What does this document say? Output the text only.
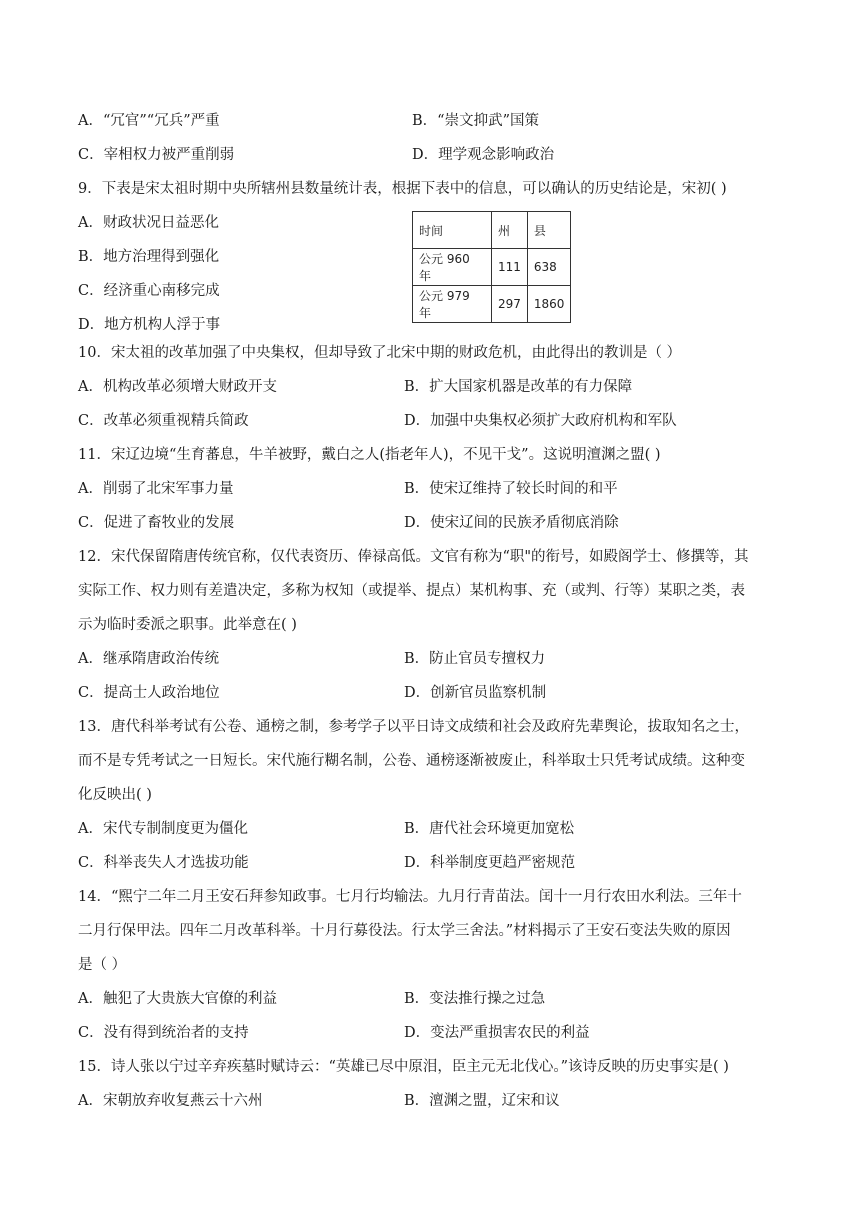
A．“冗官”“冗兵”严重	B．“崇文抑武”国策
C．宰相权力被严重削弱	D．理学观念影响政治
9．下表是宋太祖时期中央所辖州县数量统计表，根据下表中的信息，可以确认的历史结论是，宋初( )
A．财政状况日益恶化
B．地方治理得到强化
C．经济重心南移完成
D．地方机构人浮于事
时间	州	县
公元 960 年	111	638
公元 979 年	297	1860
10．宋太祖的改革加强了中央集权，但却导致了北宋中期的财政危机，由此得出的教训是（ ）
A．机构改革必须增大财政开支	B．扩大国家机器是改革的有力保障
C．改革必须重视精兵简政	D．加强中央集权必须扩大政府机构和军队
11．宋辽边境“生育蕃息，牛羊被野，戴白之人(指老年人)，不见干戈”。这说明澶渊之盟( )
A．削弱了北宋军事力量	B．使宋辽维持了较长时间的和平
C．促进了畜牧业的发展	D．使宋辽间的民族矛盾彻底消除
12．宋代保留隋唐传统官称，仅代表资历、俸禄高低。文官有称为“职"的衔号，如殿阁学士、修撰等，其
实际工作、权力则有差遣决定，多称为权知（或提举、提点）某机构事、充（或判、行等）某职之类，表
示为临时委派之职事。此举意在( )
A．继承隋唐政治传统	B．防止官员专擅权力
C．提高士人政治地位	D．创新官员监察机制
13．唐代科举考试有公卷、通榜之制，参考学子以平日诗文成绩和社会及政府先辈舆论，拔取知名之士，
而不是专凭考试之一日短长。宋代施行糊名制，公卷、通榜逐渐被废止，科举取士只凭考试成绩。这种变
化反映出( )
A．宋代专制制度更为僵化	B．唐代社会环境更加宽松
C．科举丧失人才选拔功能	D．科举制度更趋严密规范
14．“熙宁二年二月王安石拜参知政事。七月行均输法。九月行青苗法。闰十一月行农田水利法。三年十
二月行保甲法。四年二月改革科举。十月行募役法。行太学三舍法。”材料揭示了王安石变法失败的原因
是（ ）
A．触犯了大贵族大官僚的利益	B．变法推行操之过急
C．没有得到统治者的支持	D．变法严重损害农民的利益
15．诗人张以宁过辛弃疾墓时赋诗云：“英雄已尽中原泪，臣主元无北伐心。”该诗反映的历史事实是( )
A．宋朝放弃收复燕云十六州	B．澶渊之盟，辽宋和议
